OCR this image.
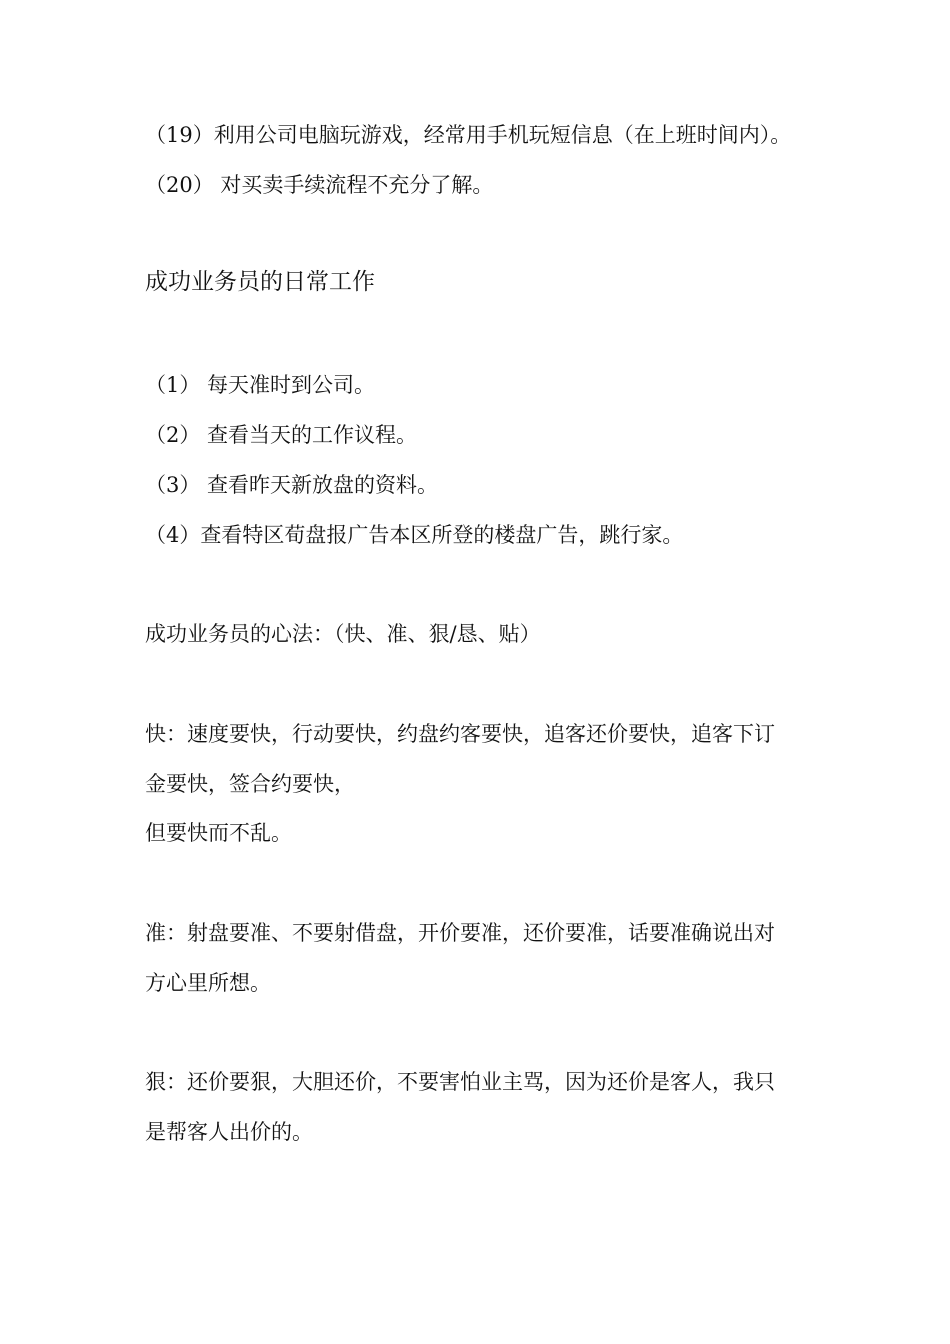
（19）利用公司电脑玩游戏，经常用手机玩短信息（在上班时间内）。
（20） 对买卖手续流程不充分了解。
成功业务员的日常工作
（1） 每天准时到公司。
（2） 查看当天的工作议程。
（3） 查看昨天新放盘的资料。
（4）查看特区荀盘报广告本区所登的楼盘广告，跳行家。
成功业务员的心法：（快、准、狠/恳、贴）
快：速度要快，行动要快，约盘约客要快，追客还价要快，追客下订
金要快，签合约要快，
但要快而不乱。
准：射盘要准、不要射借盘，开价要准，还价要准，话要准确说出对
方心里所想。
狠：还价要狠，大胆还价，不要害怕业主骂，因为还价是客人，我只
是帮客人出价的。
